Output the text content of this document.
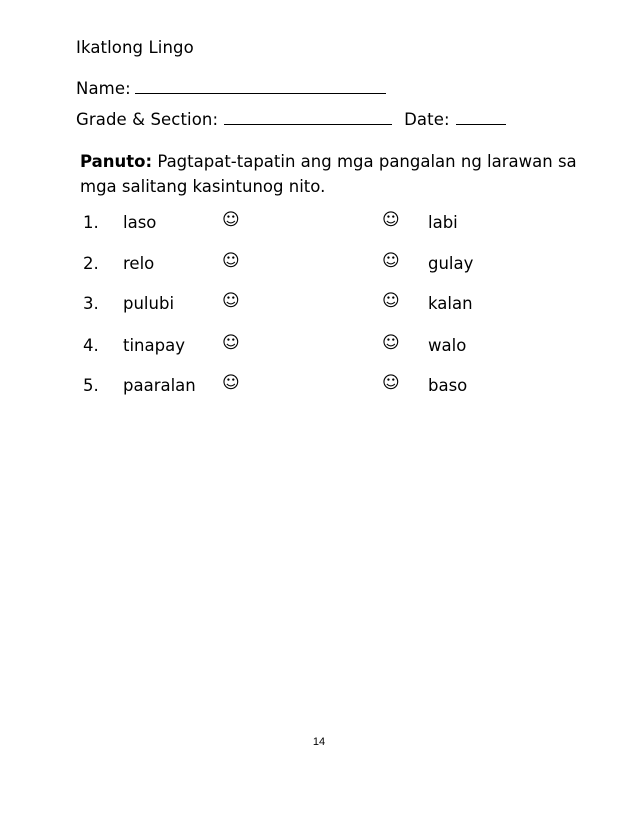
Ikatlong Lingo
Name:
Grade & Section:	Date:
Panuto: Pagtapat-tapatin ang mga pangalan ng larawan sa mga salitang kasintunog nito.
1. laso	☺	☺ labi
2. relo	☺	☺ gulay
3. pulubi	☺	☺ kalan
4. tinapay ☺	☺ walo
5. paaralan ☺	☺ baso
14
